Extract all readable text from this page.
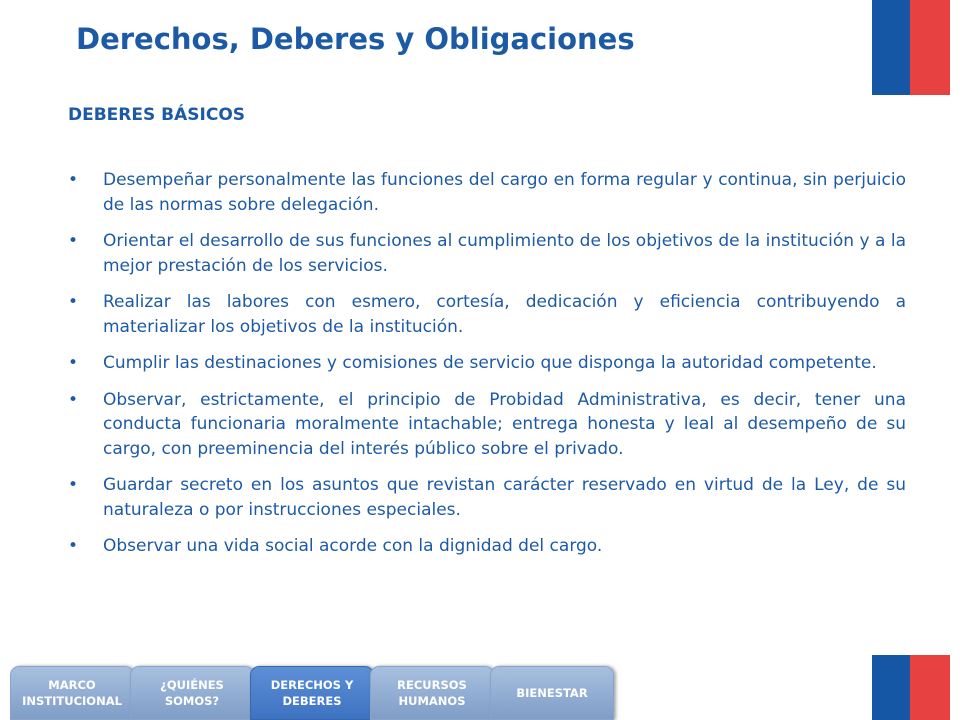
Derechos, Deberes y Obligaciones
DEBERES BÁSICOS
• Desempeñar personalmente las funciones del cargo en forma regular y continua, sin perjuicio de las normas sobre delegación.
• Orientar el desarrollo de sus funciones al cumplimiento de los objetivos de la institución y a la mejor prestación de los servicios.
• Realizar las labores con esmero, cortesía, dedicación y eficiencia contribuyendo a materializar los objetivos de la institución.
• Cumplir las destinaciones y comisiones de servicio que disponga la autoridad competente.
• Observar, estrictamente, el principio de Probidad Administrativa, es decir, tener una conducta funcionaria moralmente intachable; entrega honesta y leal al desempeño de su cargo, con preeminencia del interés público sobre el privado.
• Guardar secreto en los asuntos que revistan carácter reservado en virtud de la Ley, de su naturaleza o por instrucciones especiales.
• Observar una vida social acorde con la dignidad del cargo.
MARCO
INSTITUCIONAL
¿QUIÉNES
SOMOS?
DERECHOS Y
DEBERES
RECURSOS
HUMANOS
BIENESTAR
